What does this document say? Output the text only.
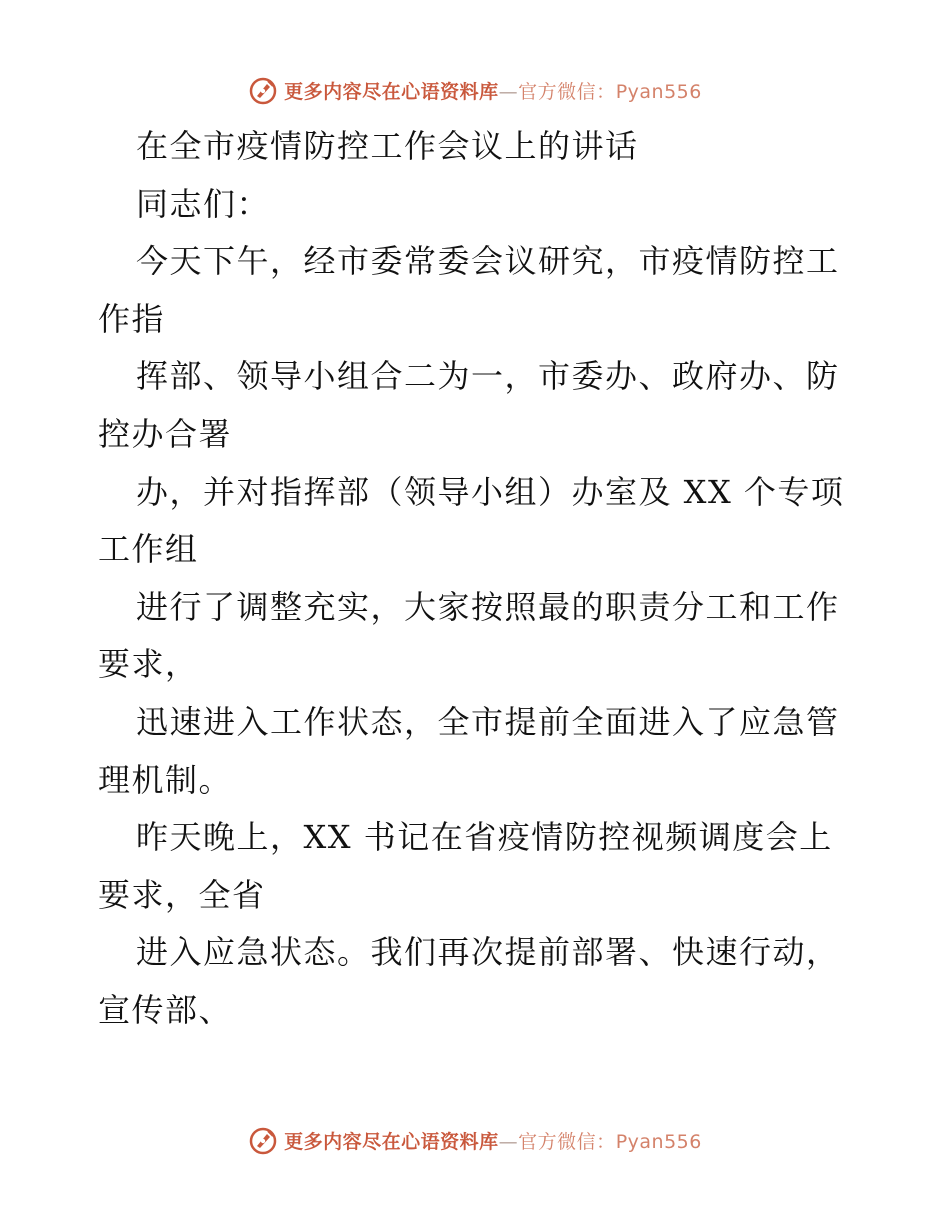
更多内容尽在心语资料库—官方微信：Pyan556
在全市疫情防控工作会议上的讲话
同志们：
今天下午，经市委常委会议研究，市疫情防控工
作指
挥部、领导小组合二为一，市委办、政府办、防
控办合署
办，并对指挥部（领导小组）办室及 XX 个专项
工作组
进行了调整充实，大家按照最的职责分工和工作
要求，
迅速进入工作状态，全市提前全面进入了应急管
理机制。
昨天晚上，XX 书记在省疫情防控视频调度会上
要求，全省
进入应急状态。我们再次提前部署、快速行动，
宣传部、
更多内容尽在心语资料库—官方微信：Pyan556
